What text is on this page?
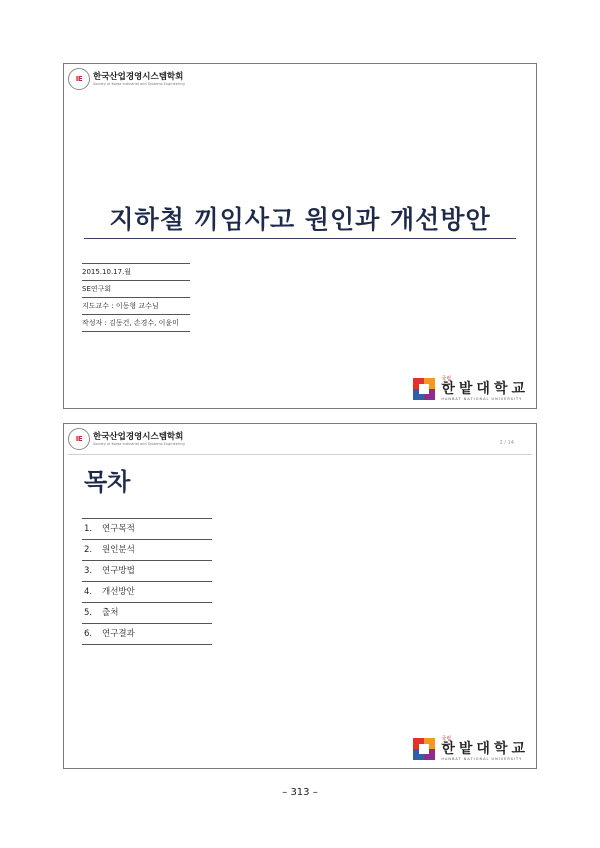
IE 한국산업경영시스템학회
Society of Korea Industrial and Systems Engineering
지하철 끼임사고 원인과 개선방안
2015.10.17.월
SE연구회
지도교수 : 이동형 교수님
작성자 : 김동건, 손경수, 이윤미
국립
한밭대학교
HANBAT NATIONAL UNIVERSITY
IE 한국산업경영시스템학회
Society of Korea Industrial and Systems Engineering	2 / 14
목차
1.	연구목적
2.	원인분석
3.	연구방법
4.	개선방안
5.	출처
6.	연구결과
국립
한밭대학교
HANBAT NATIONAL UNIVERSITY
– 313 –
